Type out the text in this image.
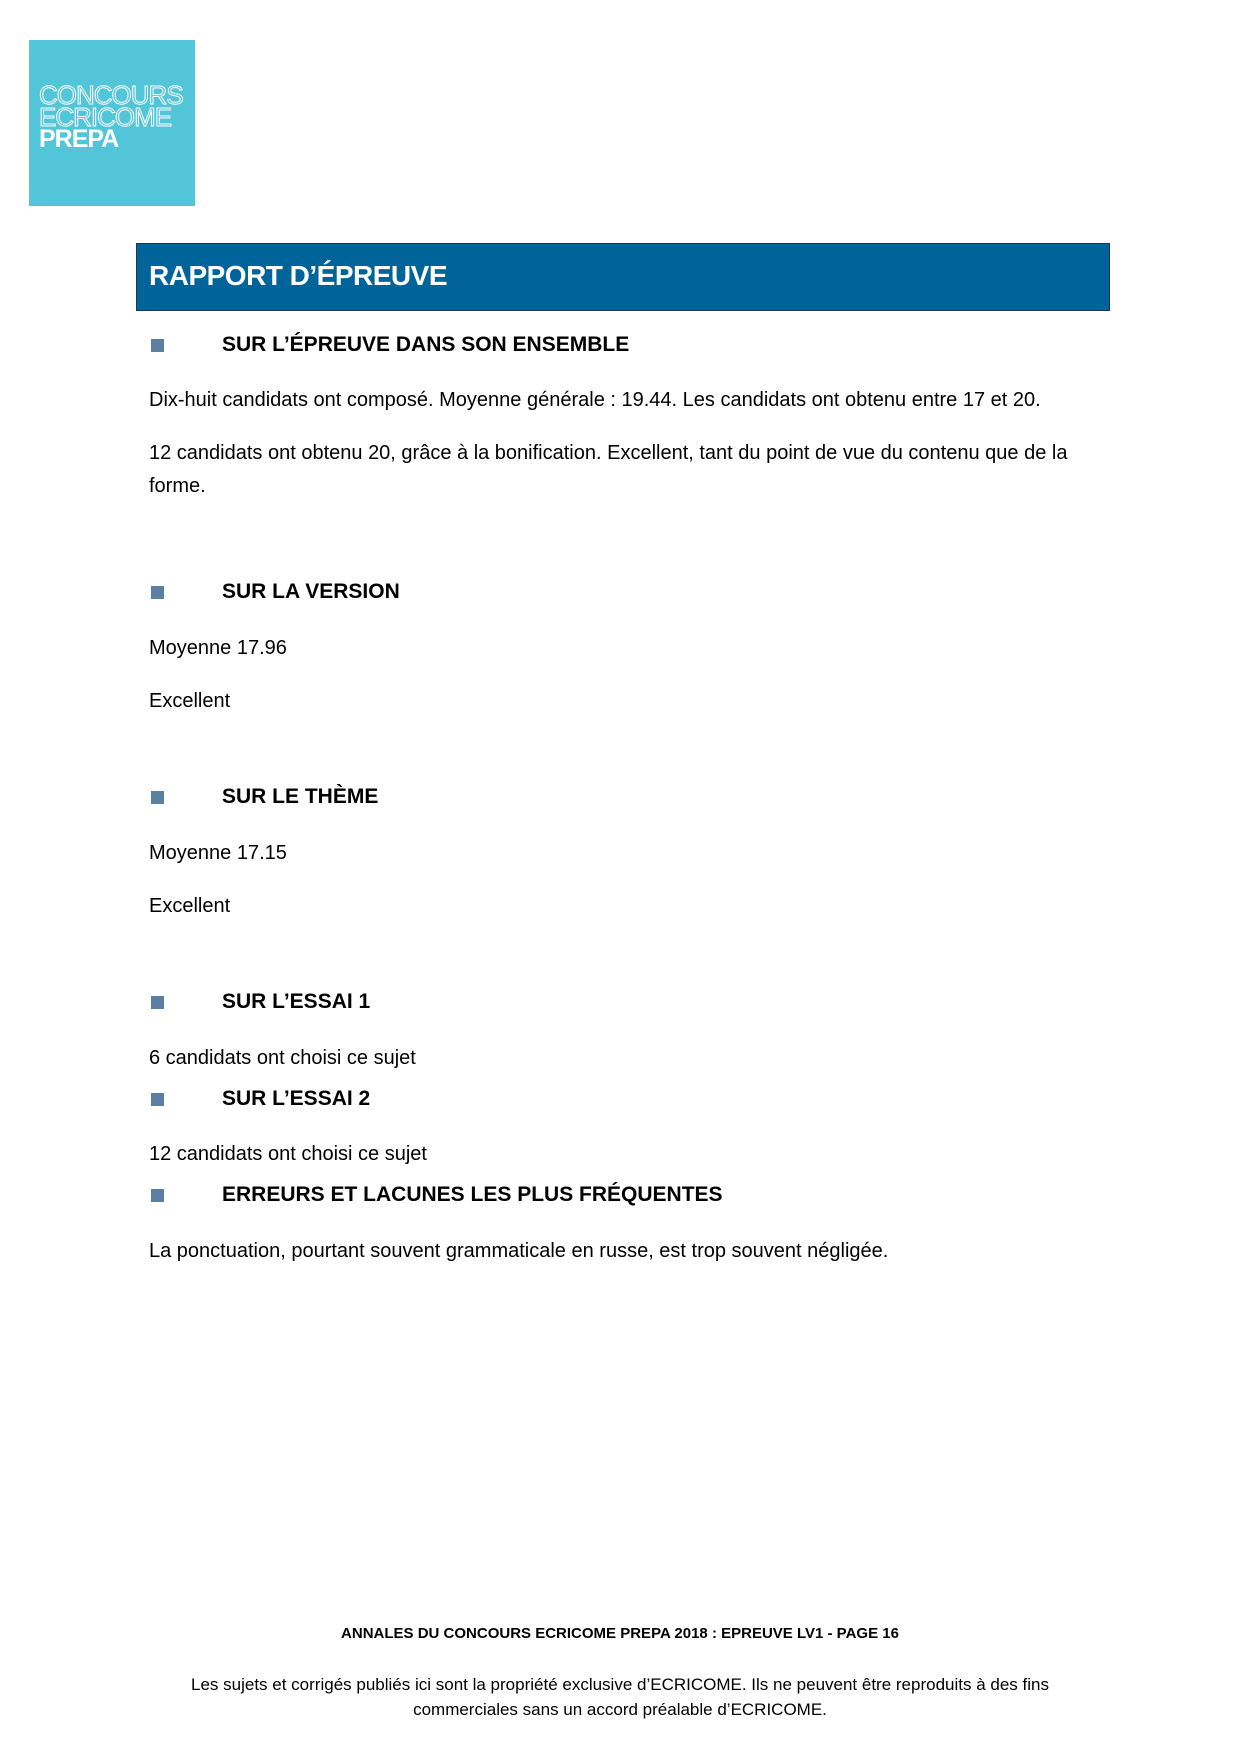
CONCOURS
ECRICOME
PREPA
RAPPORT D’ÉPREUVE
SUR L’ÉPREUVE DANS SON ENSEMBLE

Dix-huit candidats ont composé. Moyenne générale : 19.44. Les candidats ont obtenu entre 17 et 20.

12 candidats ont obtenu 20, grâce à la bonification. Excellent, tant du point de vue du contenu que de la forme.

SUR LA VERSION

Moyenne 17.96

Excellent

SUR LE THÈME

Moyenne 17.15

Excellent

SUR L’ESSAI 1

6 candidats ont choisi ce sujet

SUR L’ESSAI 2

12 candidats ont choisi ce sujet

ERREURS ET LACUNES LES PLUS FRÉQUENTES

La ponctuation, pourtant souvent grammaticale en russe, est trop souvent négligée.

ANNALES DU CONCOURS ECRICOME PREPA 2018 : EPREUVE LV1 - PAGE 16

Les sujets et corrigés publiés ici sont la propriété exclusive d’ECRICOME. Ils ne peuvent être reproduits à des fins commerciales sans un accord préalable d’ECRICOME.
